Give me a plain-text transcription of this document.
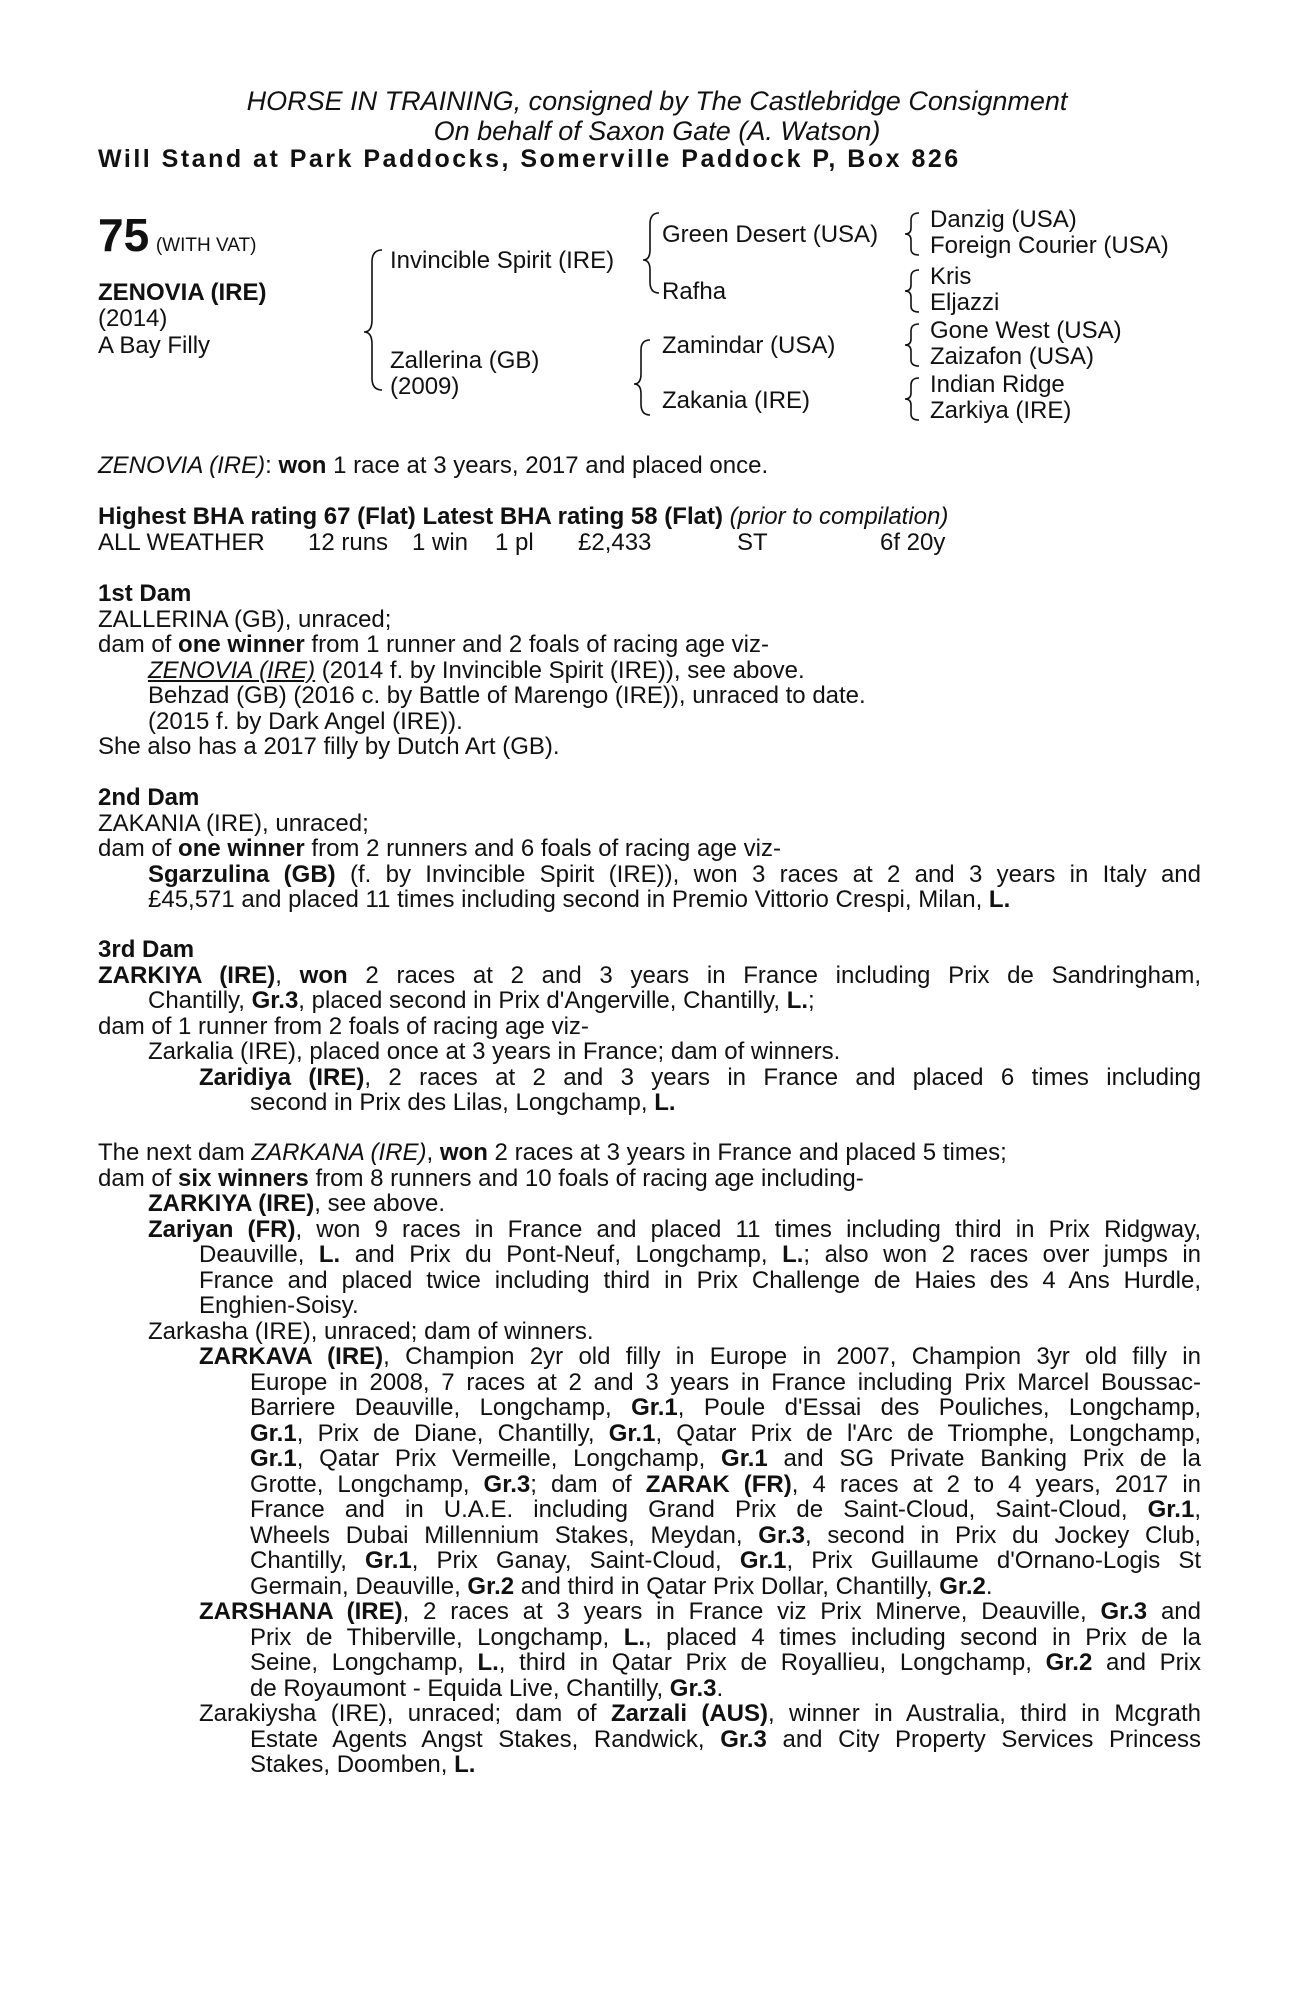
HORSE IN TRAINING, consigned by The Castlebridge Consignment
On behalf of Saxon Gate (A. Watson)
Will Stand at Park Paddocks, Somerville Paddock P, Box 826
75 (WITH VAT)
ZENOVIA (IRE)
(2014)
A Bay Filly
Invincible Spirit (IRE)
Zallerina (GB)
(2009)
Green Desert (USA)
Rafha
Zamindar (USA)
Zakania (IRE)
Danzig (USA)
Foreign Courier (USA)
Kris
Eljazzi
Gone West (USA)
Zaizafon (USA)
Indian Ridge
Zarkiya (IRE)
ZENOVIA (IRE): won 1 race at 3 years, 2017 and placed once.
Highest BHA rating 67 (Flat) Latest BHA rating 58 (Flat) (prior to compilation)
ALL WEATHER 12 runs 1 win 1 pl £2,433	ST	6f 20y
1st Dam
ZALLERINA (GB), unraced;
dam of one winner from 1 runner and 2 foals of racing age viz-
ZENOVIA (IRE) (2014 f. by Invincible Spirit (IRE)), see above.
Behzad (GB) (2016 c. by Battle of Marengo (IRE)), unraced to date.
(2015 f. by Dark Angel (IRE)).
She also has a 2017 filly by Dutch Art (GB).
2nd Dam
ZAKANIA (IRE), unraced;
dam of one winner from 2 runners and 6 foals of racing age viz-
Sgarzulina (GB) (f. by Invincible Spirit (IRE)), won 3 races at 2 and 3 years in Italy and
£45,571 and placed 11 times including second in Premio Vittorio Crespi, Milan, L.
3rd Dam
ZARKIYA (IRE), won 2 races at 2 and 3 years in France including Prix de Sandringham,
Chantilly, Gr.3, placed second in Prix d'Angerville, Chantilly, L.;
dam of 1 runner from 2 foals of racing age viz-
Zarkalia (IRE), placed once at 3 years in France; dam of winners.
Zaridiya (IRE), 2 races at 2 and 3 years in France and placed 6 times including
second in Prix des Lilas, Longchamp, L.
The next dam ZARKANA (IRE), won 2 races at 3 years in France and placed 5 times;
dam of six winners from 8 runners and 10 foals of racing age including-
ZARKIYA (IRE), see above.
Zariyan (FR), won 9 races in France and placed 11 times including third in Prix Ridgway,
Deauville, L. and Prix du Pont-Neuf, Longchamp, L.; also won 2 races over jumps in
France and placed twice including third in Prix Challenge de Haies des 4 Ans Hurdle,
Enghien-Soisy.
Zarkasha (IRE), unraced; dam of winners.
ZARKAVA (IRE), Champion 2yr old filly in Europe in 2007, Champion 3yr old filly in
Europe in 2008, 7 races at 2 and 3 years in France including Prix Marcel Boussac-
Barriere Deauville, Longchamp, Gr.1, Poule d'Essai des Pouliches, Longchamp,
Gr.1, Prix de Diane, Chantilly, Gr.1, Qatar Prix de l'Arc de Triomphe, Longchamp,
Gr.1, Qatar Prix Vermeille, Longchamp, Gr.1 and SG Private Banking Prix de la
Grotte, Longchamp, Gr.3; dam of ZARAK (FR), 4 races at 2 to 4 years, 2017 in
France and in U.A.E. including Grand Prix de Saint-Cloud, Saint-Cloud, Gr.1,
Wheels Dubai Millennium Stakes, Meydan, Gr.3, second in Prix du Jockey Club,
Chantilly, Gr.1, Prix Ganay, Saint-Cloud, Gr.1, Prix Guillaume d'Ornano-Logis St
Germain, Deauville, Gr.2 and third in Qatar Prix Dollar, Chantilly, Gr.2.
ZARSHANA (IRE), 2 races at 3 years in France viz Prix Minerve, Deauville, Gr.3 and
Prix de Thiberville, Longchamp, L., placed 4 times including second in Prix de la
Seine, Longchamp, L., third in Qatar Prix de Royallieu, Longchamp, Gr.2 and Prix
de Royaumont - Equida Live, Chantilly, Gr.3.
Zarakiysha (IRE), unraced; dam of Zarzali (AUS), winner in Australia, third in Mcgrath
Estate Agents Angst Stakes, Randwick, Gr.3 and City Property Services Princess
Stakes, Doomben, L.
